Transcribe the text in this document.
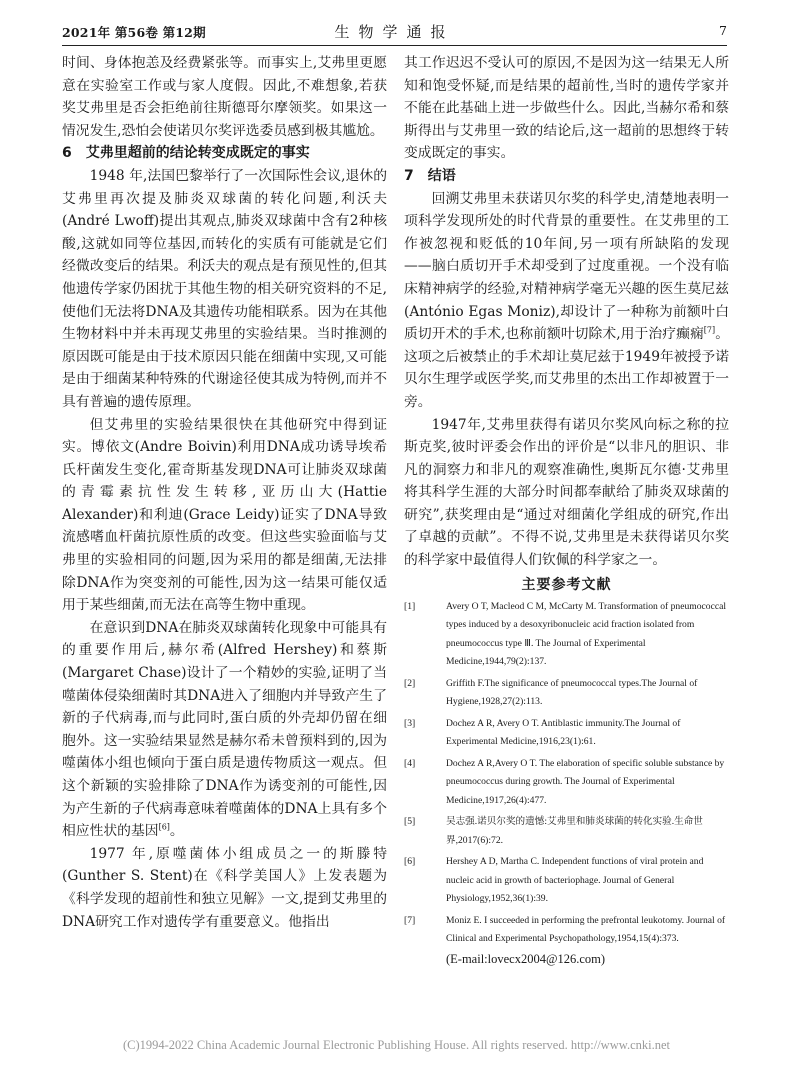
2021年 第56卷 第12期	生物学通报	7

时间、身体抱恙及经费紧张等。而事实上,艾弗里更愿意在实验室工作或与家人度假。因此,不难想象,若获奖艾弗里是否会拒绝前往斯德哥尔摩领奖。如果这一情况发生,恐怕会使诺贝尔奖评选委员感到极其尴尬。

6　艾弗里超前的结论转变成既定的事实

1948 年,法国巴黎举行了一次国际性会议,退休的艾弗里再次提及肺炎双球菌的转化问题,利沃夫(André Lwoff)提出其观点,肺炎双球菌中含有2种核酸,这就如同等位基因,而转化的实质有可能就是它们经微改变后的结果。利沃夫的观点是有预见性的,但其他遗传学家仍困扰于其他生物的相关研究资料的不足,使他们无法将DNA及其遗传功能相联系。因为在其他生物材料中并未再现艾弗里的实验结果。当时推测的原因既可能是由于技术原因只能在细菌中实现,又可能是由于细菌某种特殊的代谢途径使其成为特例,而并不具有普遍的遗传原理。

但艾弗里的实验结果很快在其他研究中得到证实。博依文(Andre Boivin)利用DNA成功诱导埃希氏杆菌发生变化,霍奇斯基发现DNA可让肺炎双球菌的青霉素抗性发生转移,亚历山大(Hattie Alexander)和利迪(Grace Leidy)证实了DNA导致流感嗜血杆菌抗原性质的改变。但这些实验面临与艾弗里的实验相同的问题,因为采用的都是细菌,无法排除DNA作为突变剂的可能性,因为这一结果可能仅适用于某些细菌,而无法在高等生物中重现。

在意识到DNA在肺炎双球菌转化现象中可能具有的重要作用后,赫尔希(Alfred Hershey)和蔡斯(Margaret Chase)设计了一个精妙的实验,证明了当噬菌体侵染细菌时其DNA进入了细胞内并导致产生了新的子代病毒,而与此同时,蛋白质的外壳却仍留在细胞外。这一实验结果显然是赫尔希未曾预料到的,因为噬菌体小组也倾向于蛋白质是遗传物质这一观点。但这个新颖的实验排除了DNA作为诱变剂的可能性,因为产生新的子代病毒意味着噬菌体的DNA上具有多个相应性状的基因[6]。

1977 年,原噬菌体小组成员之一的斯滕特(Gunther S. Stent)在《科学美国人》上发表题为《科学发现的超前性和独立见解》一文,提到艾弗里的DNA研究工作对遗传学有重要意义。他指出

其工作迟迟不受认可的原因,不是因为这一结果无人所知和饱受怀疑,而是结果的超前性,当时的遗传学家并不能在此基础上进一步做些什么。因此,当赫尔希和蔡斯得出与艾弗里一致的结论后,这一超前的思想终于转变成既定的事实。

7　结语

回溯艾弗里未获诺贝尔奖的科学史,清楚地表明一项科学发现所处的时代背景的重要性。在艾弗里的工作被忽视和贬低的10年间,另一项有所缺陷的发现——脑白质切开手术却受到了过度重视。一个没有临床精神病学的经验,对精神病学毫无兴趣的医生莫尼兹(António Egas Moniz),却设计了一种称为前额叶白质切开术的手术,也称前额叶切除术,用于治疗癫痫[7]。这项之后被禁止的手术却让莫尼兹于1949年被授予诺贝尔生理学或医学奖,而艾弗里的杰出工作却被置于一旁。

1947年,艾弗里获得有诺贝尔奖风向标之称的拉斯克奖,彼时评委会作出的评价是“以非凡的胆识、非凡的洞察力和非凡的观察准确性,奥斯瓦尔德·艾弗里将其科学生涯的大部分时间都奉献给了肺炎双球菌的研究”,获奖理由是“通过对细菌化学组成的研究,作出了卓越的贡献”。不得不说,艾弗里是未获得诺贝尔奖的科学家中最值得人们钦佩的科学家之一。

主要参考文献
[1]	Avery O T, Macleod C M, McCarty M. Transformation of pneumococcal types induced by a desoxyribonucleic acid fraction isolated from pneumococcus type Ⅲ. The Journal of Experimental Medicine,1944,79(2):137.
[2]	Griffith F.The significance of pneumococcal types.The Journal of Hygiene,1928,27(2):113.
[3]	Dochez A R, Avery O T. Antiblastic immunity.The Journal of Experimental Medicine,1916,23(1):61.
[4]	Dochez A R,Avery O T. The elaboration of specific soluble substance by pneumococcus during growth. The Journal of Experimental Medicine,1917,26(4):477.
[5]	吴志强.诺贝尔奖的遗憾:艾弗里和肺炎球菌的转化实验.生命世界,2017(6):72.
[6]	Hershey A D, Martha C. Independent functions of viral protein and nucleic acid in growth of bacteriophage. Journal of General Physiology,1952,36(1):39.
[7]	Moniz E. I succeeded in performing the prefrontal leukotomy. Journal of Clinical and Experimental Psychopathology,1954,15(4):373.
(E-mail:lovecx2004@126.com)
(C)1994-2022 China Academic Journal Electronic Publishing House. All rights reserved. http://www.cnki.net
